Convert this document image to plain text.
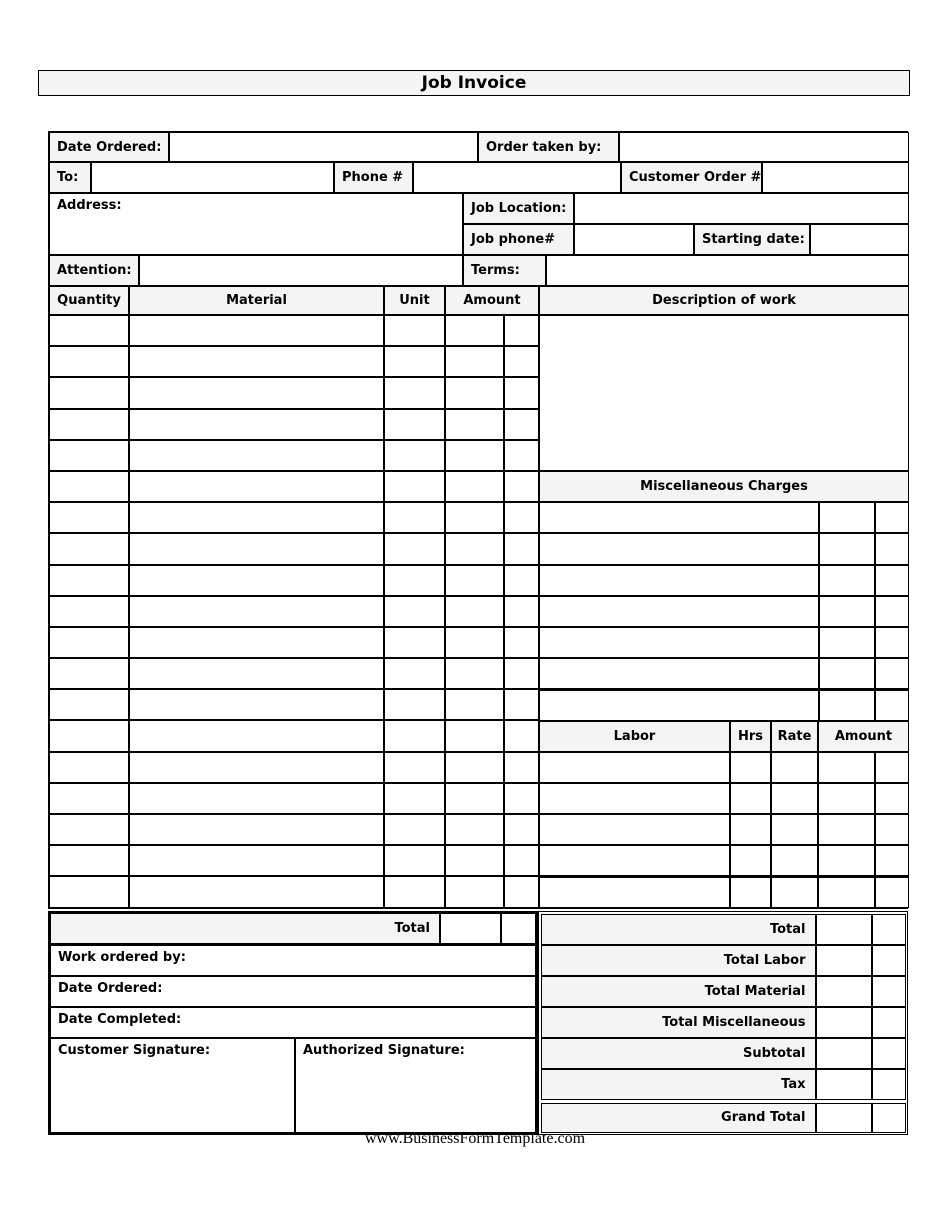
Job Invoice
Date Ordered:	Order taken by:
To:	Phone #	Customer Order #
Address:	Job Location:
Job phone#	Starting date:
Attention:	Terms:
Quantity	Material	Unit	Amount	Description of work
Miscellaneous Charges
Labor	Hrs	Rate	Amount
Total
Work ordered by:
Date Ordered:
Date Completed:
Customer Signature:	Authorized Signature:
Total
Total Labor
Total Material
Total Miscellaneous
Subtotal
Tax
Grand Total
www.BusinessFormTemplate.com
